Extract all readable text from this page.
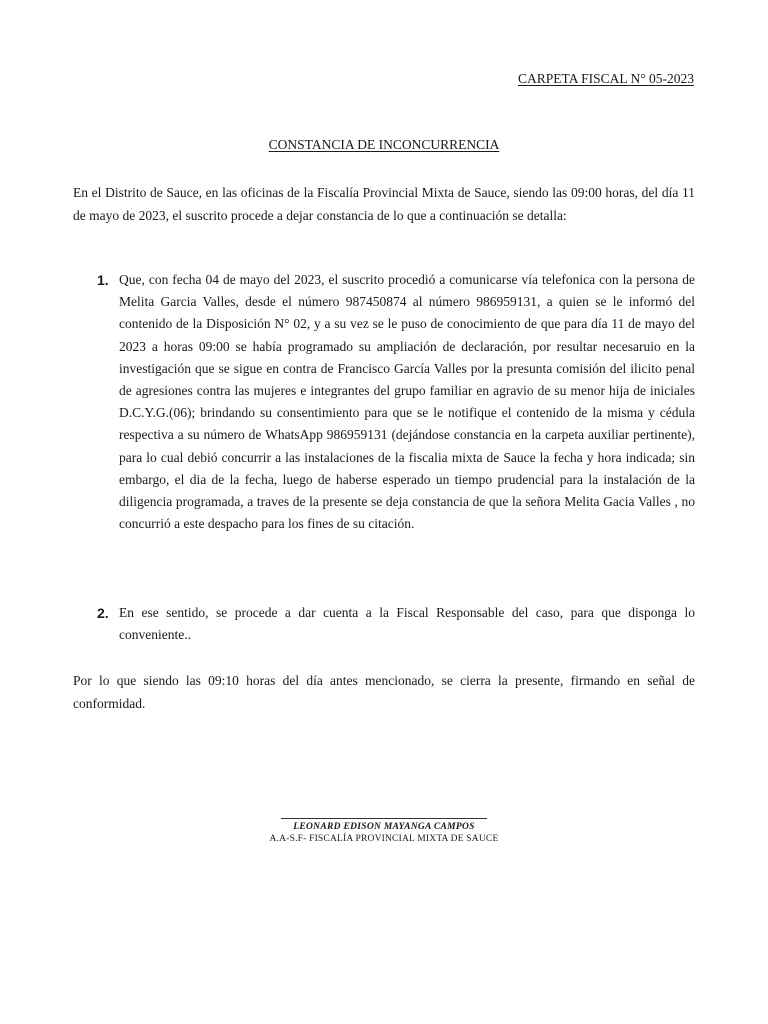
CARPETA FISCAL N° 05-2023
CONSTANCIA DE INCONCURRENCIA

En el Distrito de Sauce, en las oficinas de la Fiscalía Provincial Mixta de Sauce, siendo las 09:00 horas, del día 11 de mayo de 2023, el suscrito procede a dejar constancia de lo que a continuación se detalla:

1. Que, con fecha 04 de mayo del 2023, el suscrito procedió a comunicarse vía telefonica con la persona de Melita Garcia Valles, desde el número 987450874 al número 986959131, a quien se le informó del contenido de la Disposición N° 02, y a su vez se le puso de conocimiento de que para día 11 de mayo del 2023 a horas 09:00 se había programado su ampliación de declaración, por resultar necesaruio en la investigación que se sigue en contra de Francisco García Valles por la presunta comisión del ilicito penal de agresiones contra las mujeres e integrantes del grupo familiar en agravio de su menor hija de iniciales D.C.Y.G.(06); brindando su consentimiento para que se le notifique el contenido de la misma y cédula respectiva a su número de WhatsApp 986959131 (dejándose constancia en la carpeta auxiliar pertinente), para lo cual debió concurrir a las instalaciones de la fiscalia mixta de Sauce la fecha y hora indicada; sin embargo, el dia de la fecha, luego de haberse esperado un tiempo prudencial para la instalación de la diligencia programada, a traves de la presente se deja constancia de que la señora Melita Gacia Valles , no concurrió a este despacho para los fines de su citación.
2. En ese sentido, se procede a dar cuenta a la Fiscal Responsable del caso, para que disponga lo conveniente..

Por lo que siendo las 09:10 horas del día antes mencionado, se cierra la presente, firmando en señal de conformidad.

LEONARD EDISON MAYANGA CAMPOS
A.A-S.F- FISCALÍA PROVINCIAL MIXTA DE SAUCE
